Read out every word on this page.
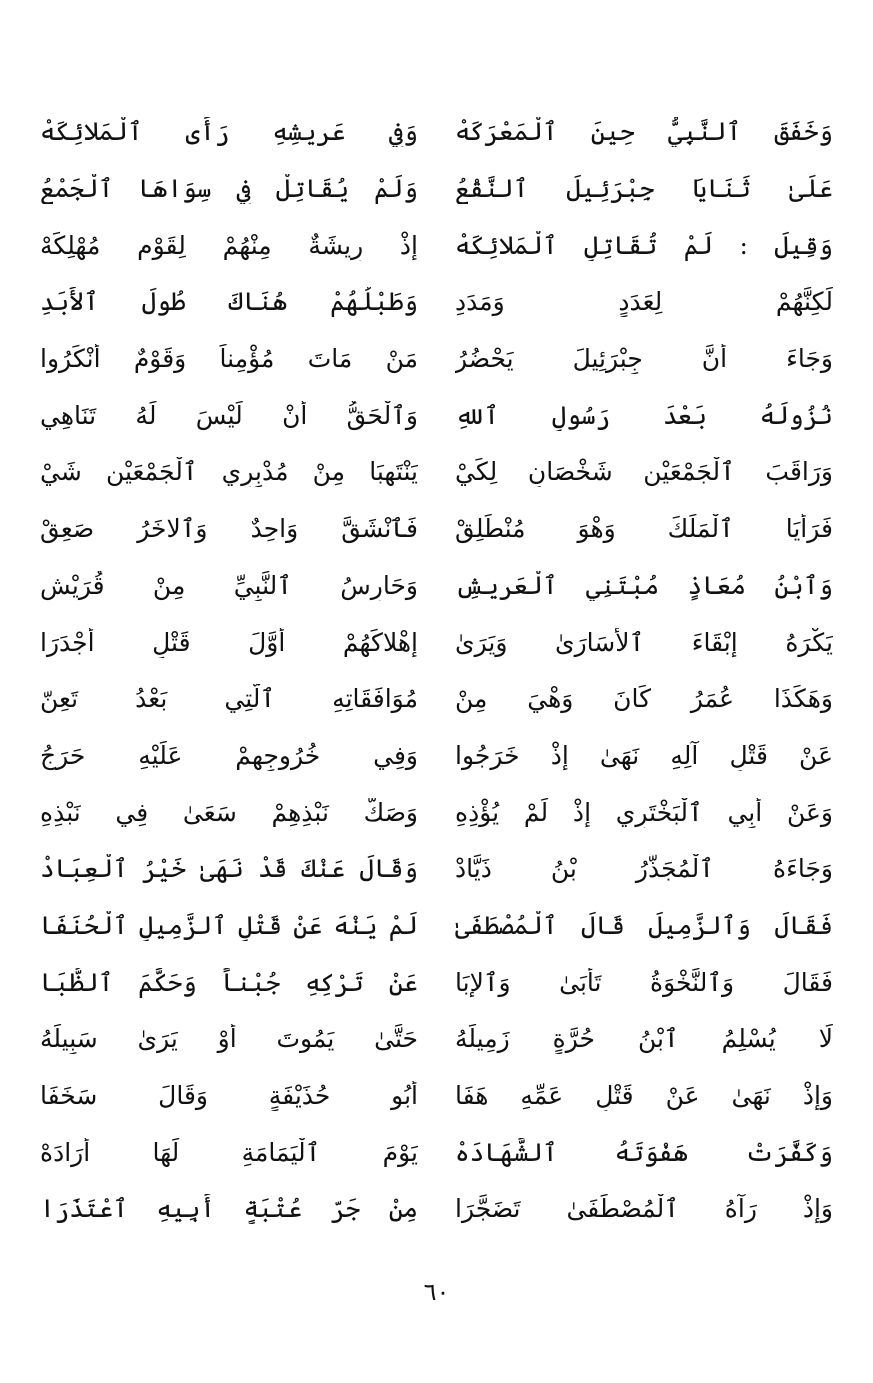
وَخَفَقَ ٱلنَّبِيُّ حِينَ ٱلْمَعْرَكَهْ
وَفِي عَرِيشِهِ رَأَى ٱلْمَلائِكَهْ
عَلَىٰ ثَنَايَا جِبْرَئِيلَ ٱلنَّقْعُ
وَلَمْ يُقَاتِلْ فِي سِوَاهَا ٱلْجَمْعُ
وَقِيلَ : لَمْ تُقَاتِلِ ٱلْمَلائِكَهْ
إِذْ رِيشَةٌ مِنْهُمْ لِقَوْمٍ مُهْلِكَهْ
لَكِنَّهُمْ لِعَدَدٍ وَمَدَدِ
وَطَبْلُهُمْ هُنَاكَ طُولَ ٱلأَبَدِ
وَجَاءَ أَنَّ جِبْرَئِيلَ يَحْضُرُ
مَنْ مَاتَ مُؤْمِناً وَقَوْمٌ أَنْكَرُوا
نُزُولَهُ بَعْدَ رَسُولِ ٱللهِ
وَٱلْحَقُّ أَنْ لَيْسَ لَهُ تَنَاهِي
وَرَاقَبَ ٱلْجَمْعَيْنِ شَخْصَانِ لِكَيْ
يَنْتَهِبَا مِنْ مُدْبِرِي ٱلْجَمْعَيْنِ شَيْ
فَرَأَيَا ٱلْمَلَكَ وَهْوَ مُنْطَلِقْ
فَٱنْشَقَّ وَاحِدٌ وَٱلاخَرُ صَعِقْ
وَٱبْنُ مُعَاذٍ مُبْتَنِي ٱلْعَرِيشِ
وَحَارِسُ ٱلنَّبِيِّ مِنْ قُرَيْشِ
يَكْرَهُ إِبْقَاءَ ٱلأُسَارَىٰ وَيَرَىٰ
إِهْلاكَهُمْ أَوَّلَ قَتْلٍ أَجْدَرَا
وَهَكَذَا عُمَرُ كَانَ وَهْيَ مِنْ
مُوَافَقَاتِهِ ٱلَّتِي بَعْدُ تَعِنّ
عَنْ قَتْلِ آلِهِ نَهَىٰ إِذْ خَرَجُوا
وَفِي خُرُوجِهِمْ عَلَيْهِ حَرَجُ
وَعَنْ أَبِي ٱلْبَخْتَرِي إِذْ لَمْ يُؤْذِهِ
وَصَكٌّ نَبْذِهِمْ سَعَىٰ فِي نَبْذِهِ
وَجَاءَهُ ٱلْمُجَذَّرُ بْنُ ذَيَّادْ
وَقَالَ عَنْكَ قَدْ نَهَىٰ خَيْرُ ٱلْعِبَادْ
فَقَالَ وَٱلزَّمِيلَ قَالَ ٱلْمُصْطَفَىٰ
لَمْ يَنْهَ عَنْ قَتْلِ ٱلزَّمِيلِ ٱلْحُنَفَا
فَقَالَ وَٱلنَّخْوَةُ تَأْبَىٰ وَٱلإِبَا
عَنْ تَرْكِهِ جُبْناً وَحَكَّمَ ٱلظُّبَا
لَا يُسْلِمُ ٱبْنُ حُرَّةٍ زَمِيلَهُ
حَتَّىٰ يَمُوتَ أَوْ يَرَىٰ سَبِيلَهُ
وَإِذْ نَهَىٰ عَنْ قَتْلِ عَمِّهِ هَفَا
أَبُو حُذَيْفَةٍ وَقَالَ سَخَفَا
وَكَفَّرَتْ هَفْوَتَهُ ٱلشَّهَادَهْ
يَوْمَ ٱلْيَمَامَةِ لَهَا أَرَادَهْ
وَإِذْ رَآهُ ٱلْمُصْطَفَىٰ تَضَجَّرَا
مِنْ جَرِّ عُتْبَةٍ أَبِيهِ ٱعْتَذَرَا
٦٠
